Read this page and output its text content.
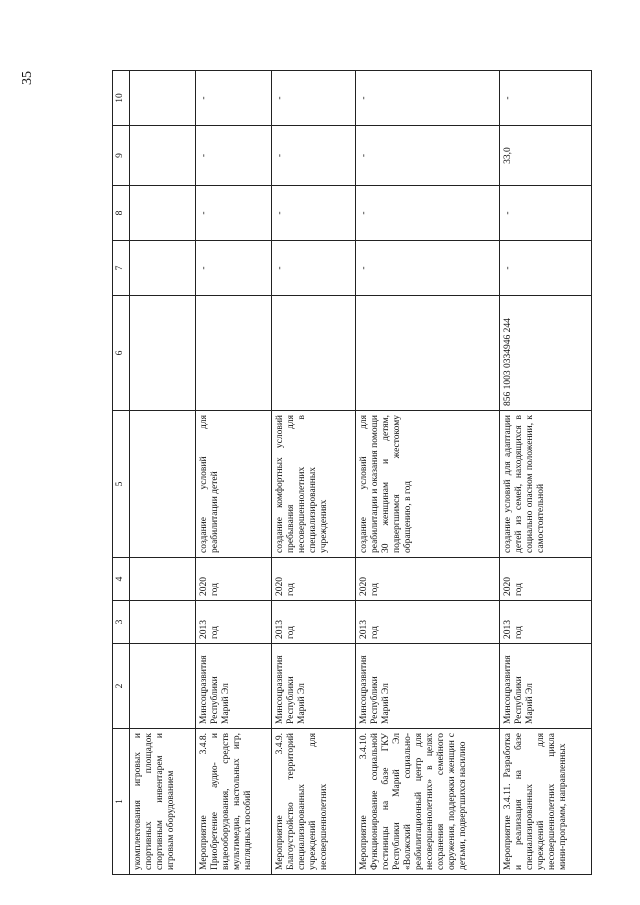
35
1	2	3	4	5	6	7	8	9	10
укомплектования игровых и спортивных площадок спортивным инвентарем и игровым оборудованием									
Мероприятие 3.4.8. Приобретение аудио- и видеооборудования, средств мультимедиа, настольных игр, наглядных пособий	Минсоцразвития Республики Марий Эл	2013 год	2020 год	создание условий для реабилитации детей		-	-	-	-
Мероприятие 3.4.9. Благоустройство территорий специализированных учреждений для несовершеннолетних	Минсоцразвития Республики Марий Эл	2013 год	2020 год	создание комфортных условий пребывания для несовершеннолетних в специализированных учреждениях		-	-	-	-
Мероприятие 3.4.10. Функционирование социальной гостиницы на базе ГКУ Республики Марий Эл «Волжский социально-реабилитационный центр для несовершеннолетних» в целях сохранения семейного окружения, поддержки женщин с детьми, подвергшихся насилию	Минсоцразвития Республики Марий Эл	2013 год	2020 год	создание условий для реабилитации и оказания помощи 30 женщинам и детям, подвергшимся жестокому обращению, в год		-	-	-	-
Мероприятие 3.4.11. Разработка и реализация на базе специализированных учреждений для несовершеннолетних цикла мини-программ, направленных	Минсоцразвития Республики Марий Эл	2013 год	2020 год	создание условий для адаптации детей из семей, находящихся в социально опасном положении, к самостоятельной	856 1003 0334946 244	-	-	33,0	-
